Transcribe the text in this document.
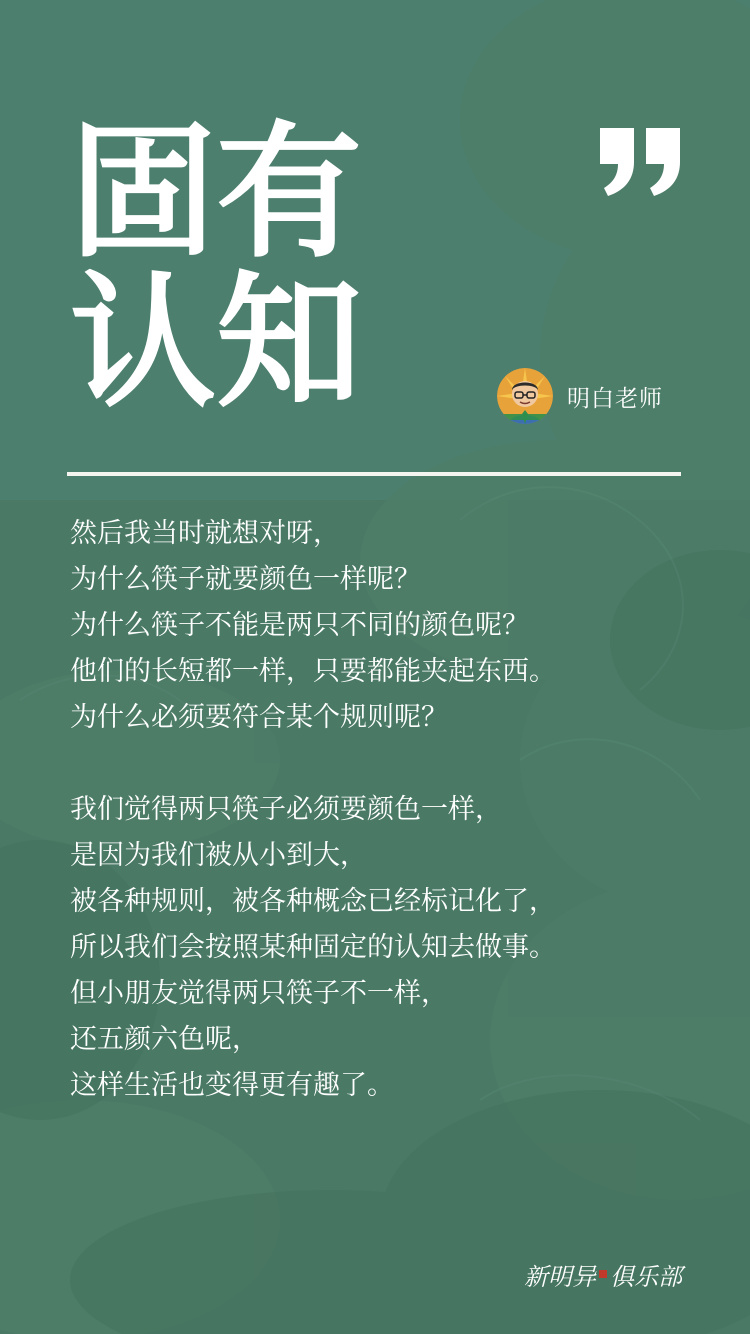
固有
认知	明白老师
然后我当时就想对呀，
为什么筷子就要颜色一样呢？
为什么筷子不能是两只不同的颜色呢？
他们的长短都一样，只要都能夹起东西。
为什么必须要符合某个规则呢？
我们觉得两只筷子必须要颜色一样，
是因为我们被从小到大，
被各种规则，被各种概念已经标记化了，
所以我们会按照某种固定的认知去做事。
但小朋友觉得两只筷子不一样，
还五颜六色呢，
这样生活也变得更有趣了。
新明异 俱乐部
